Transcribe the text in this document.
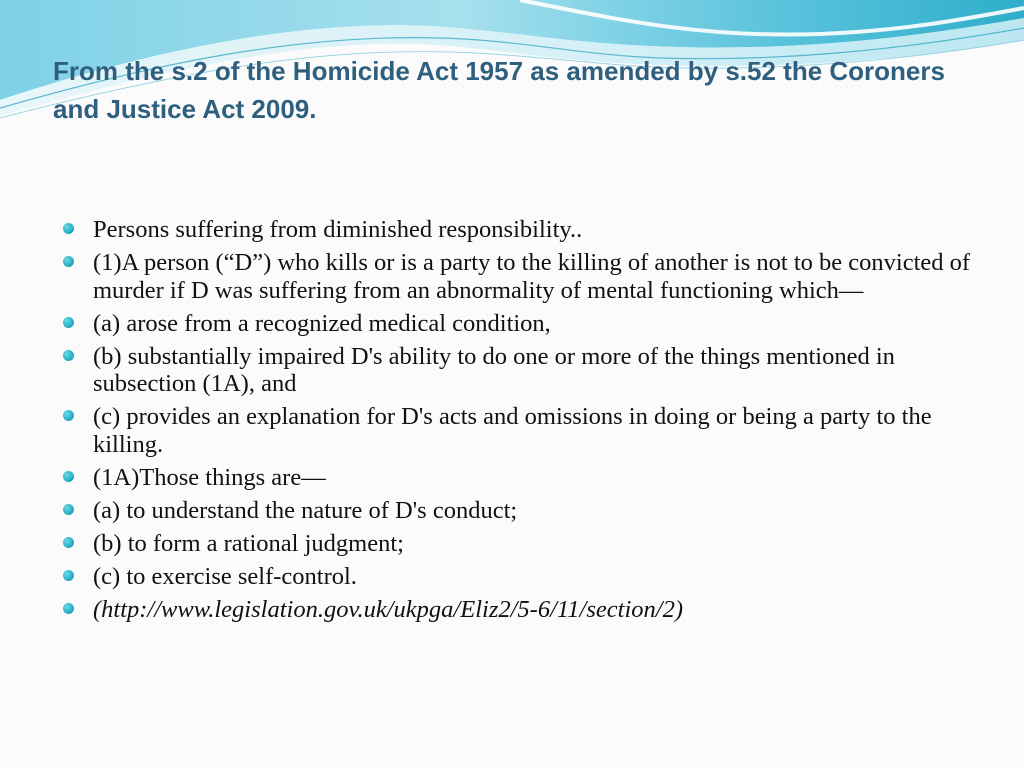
From the s.2 of the Homicide Act 1957 as amended by s.52 the Coroners and Justice Act 2009.
Persons suffering from diminished responsibility..
(1)A person (“D”) who kills or is a party to the killing of another is not to be convicted of murder if D was suffering from an abnormality of mental functioning which—
(a) arose from a recognized medical condition,
(b) substantially impaired D's ability to do one or more of the things mentioned in subsection (1A), and
(c) provides an explanation for D's acts and omissions in doing or being a party to the killing.
(1A)Those things are—
(a) to understand the nature of D's conduct;
(b) to form a rational judgment;
(c) to exercise self-control.
(http://www.legislation.gov.uk/ukpga/Eliz2/5-6/11/section/2)
